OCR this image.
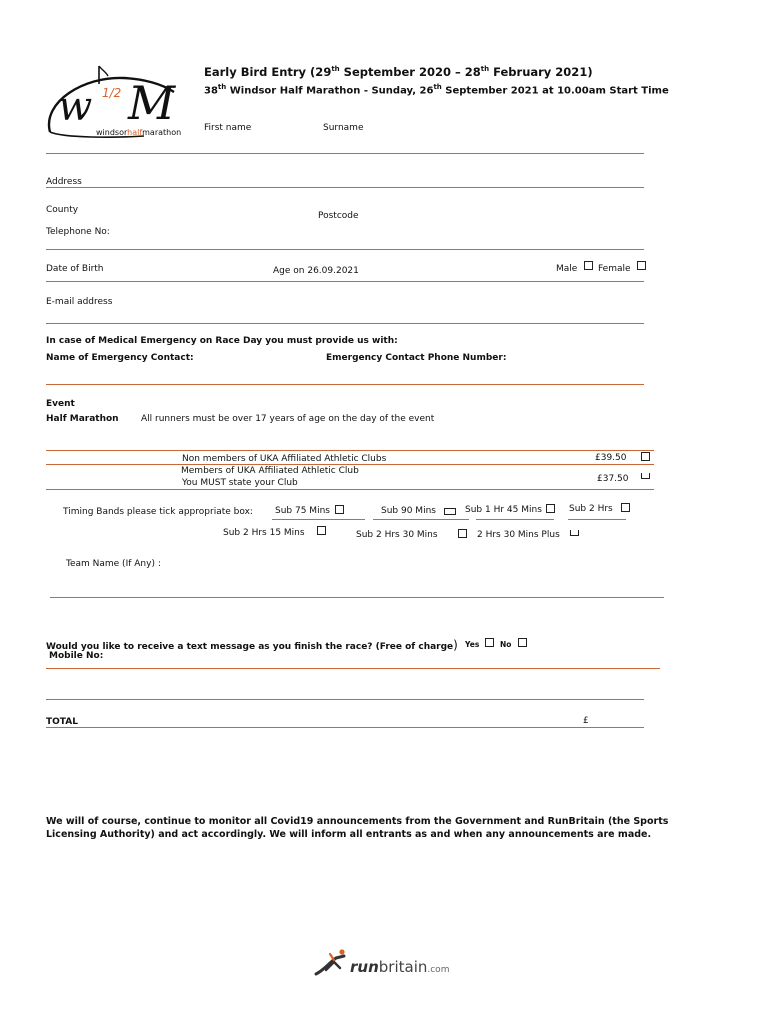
w 1/2 M
windsorhalfmarathon
Early Bird Entry (29th September 2020 – 28th February 2021)
38th Windsor Half Marathon - Sunday, 26th September 2021 at 10.00am Start Time
First name	Surname
Address
County
Postcode
Telephone No:
Date of Birth	Age on 26.09.2021	Male Female
E-mail address
In case of Medical Emergency on Race Day you must provide us with:
Name of Emergency Contact:	Emergency Contact Phone Number:
Event
Half Marathon All runners must be over 17 years of age on the day of the event
Non members of UKA Affiliated Athletic Clubs	£39.50
Members of UKA Affiliated Athletic Club
You MUST state your Club	£37.50
Timing Bands please tick appropriate box: Sub 75 Mins	Sub 90 Mins	Sub 1 Hr 45 Mins	Sub 2 Hrs
Sub 2 Hrs 15 Mins	Sub 2 Hrs 30 Mins	2 Hrs 30 Mins Plus
Team Name (If Any) :
Would you like to receive a text message as you finish the race? (Free of charge) Yes	No
Mobile No:
TOTAL	£
We will of course, continue to monitor all Covid19 announcements from the Government and RunBritain (the Sports
Licensing Authority) and act accordingly. We will inform all entrants as and when any announcements are made.
runbritain.com
